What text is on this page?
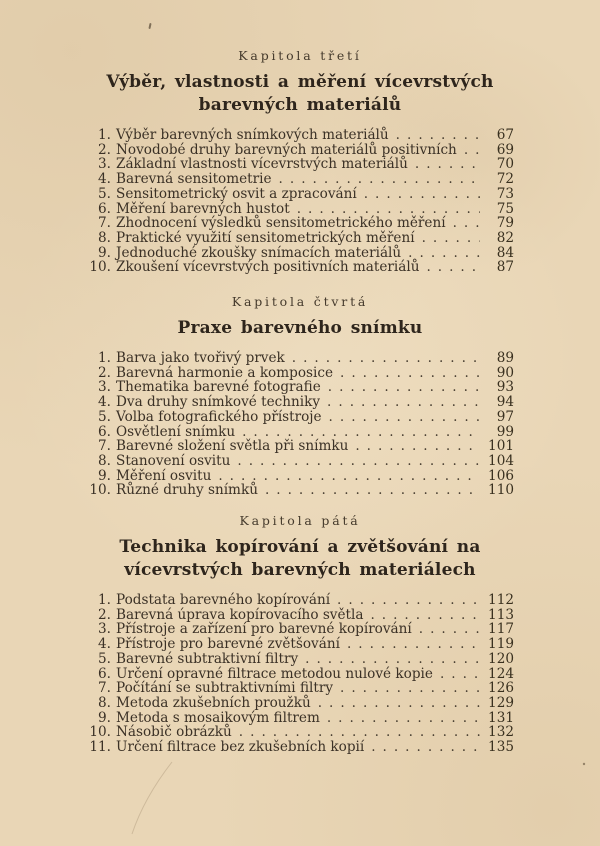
Kapitola třetí
Výběr, vlastnosti a měření vícevrstvých barevných materiálů
1. Výběr barevných snímkových materiálů .....	67
2. Novodobé druhy barevných materiálů positivních .....	69
3. Základní vlastnosti vícevrstvých materiálů .....	70
4. Barevná sensitometrie .....	72
5. Sensitometrický osvit a zpracování .....	73
6. Měření barevných hustot .....	75
7. Zhodnocení výsledků sensitometrického měření .....	79
8. Praktické využití sensitometrických měření .....	82
9. Jednoduché zkoušky snímacích materiálů .....	84
10. Zkoušení vícevrstvých positivních materiálů .....	87
Kapitola čtvrtá
Praxe barevného snímku
1. Barva jako tvořivý prvek .....	89
2. Barevná harmonie a komposice .....	90
3. Thematika barevné fotografie .....	93
4. Dva druhy snímkové techniky .....	94
5. Volba fotografického přístroje .....	97
6. Osvětlení snímku .....	99
7. Barevné složení světla při snímku .....	101
8. Stanovení osvitu .....	104
9. Měření osvitu .....	106
10. Různé druhy snímků .....	110
Kapitola pátá
Technika kopírování a zvětšování na vícevrstvých barevných materiálech
1. Podstata barevného kopírování .....	112
2. Barevná úprava kopírovacího světla .....	113
3. Přístroje a zařízení pro barevné kopírování .....	117
4. Přístroje pro barevné zvětšování .....	119
5. Barevné subtraktivní filtry .....	120
6. Určení opravné filtrace metodou nulové kopie .....	124
7. Počítání se subtraktivními filtry .....	126
8. Metoda zkušebních proužků .....	129
9. Metoda s mosaikovým filtrem .....	131
10. Násobič obrázků .....	132
11. Určení filtrace bez zkušebních kopií .....	135
